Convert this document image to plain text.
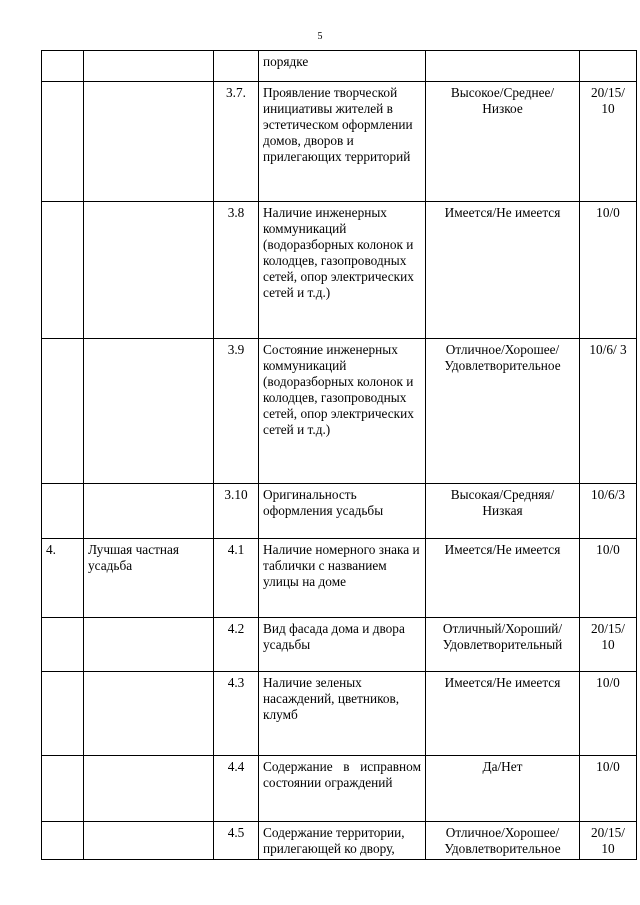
5
			порядке		
		3.7.	Проявление творческой инициативы жителей в эстетическом оформлении домов, дворов и прилегающих территорий	Высокое/Среднее/ Низкое	20/15/ 10
		3.8	Наличие инженерных коммуникаций (водоразборных колонок и колодцев, газопроводных сетей, опор электрических сетей и т.д.)	Имеется/Не имеется	10/0
		3.9	Состояние инженерных коммуникаций (водоразборных колонок и колодцев, газопроводных сетей, опор электрических сетей и т.д.)	Отличное/Хорошее/ Удовлетворительное	10/6/ 3
		3.10	Оригинальность оформления усадьбы	Высокая/Средняя/ Низкая	10/6/3
4.	Лучшая частная усадьба	4.1	Наличие номерного знака и таблички с названием улицы на доме	Имеется/Не имеется	10/0
		4.2	Вид фасада дома и двора усадьбы	Отличный/Хороший/ Удовлетворительный	20/15/ 10
		4.3	Наличие зеленых насаждений, цветников, клумб	Имеется/Не имеется	10/0
		4.4	Содержание в исправном состоянии ограждений	Да/Нет	10/0
		4.5	Содержание территории, прилегающей ко двору,	Отличное/Хорошее/ Удовлетворительное	20/15/ 10
